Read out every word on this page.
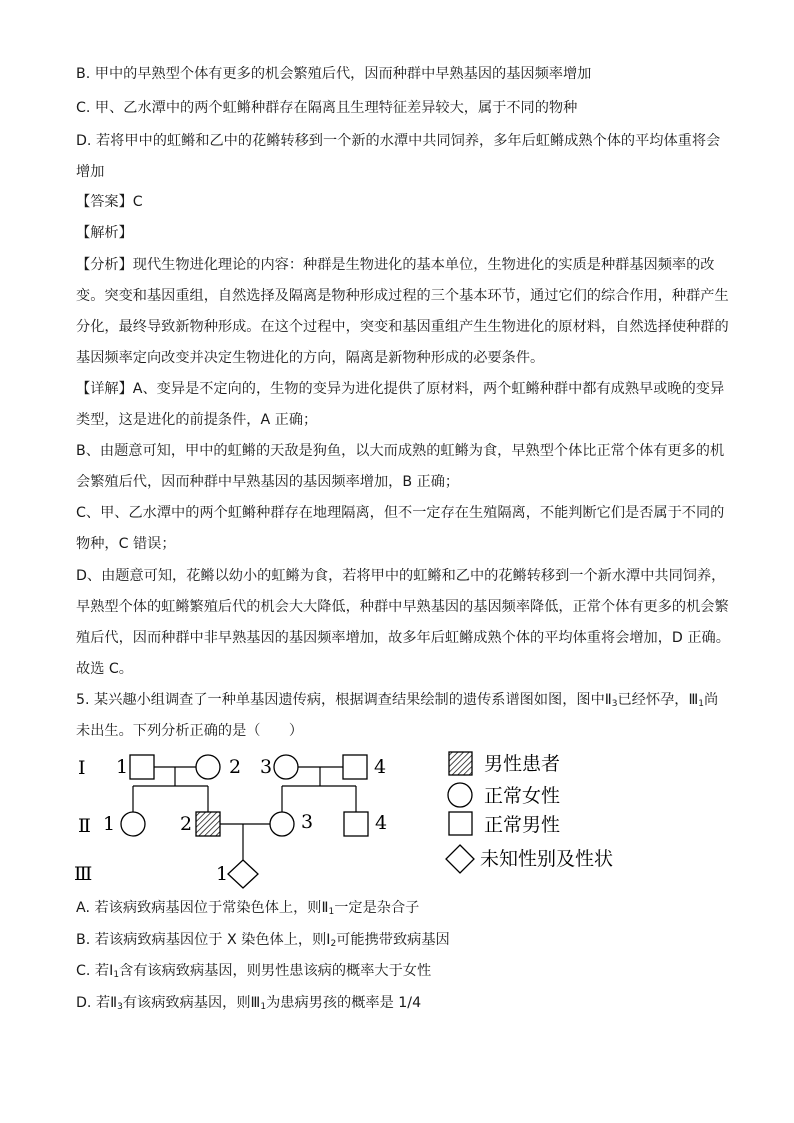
B. 甲中的早熟型个体有更多的机会繁殖后代，因而种群中早熟基因的基因频率增加
C. 甲、乙水潭中的两个虹鳉种群存在隔离且生理特征差异较大，属于不同的物种
D. 若将甲中的虹鳉和乙中的花鳉转移到一个新的水潭中共同饲养，多年后虹鳉成熟个体的平均体重将会
增加
【答案】C
【解析】
【分析】现代生物进化理论的内容：种群是生物进化的基本单位，生物进化的实质是种群基因频率的改
变。突变和基因重组，自然选择及隔离是物种形成过程的三个基本环节，通过它们的综合作用，种群产生
分化，最终导致新物种形成。在这个过程中，突变和基因重组产生生物进化的原材料，自然选择使种群的
基因频率定向改变并决定生物进化的方向，隔离是新物种形成的必要条件。
【详解】A、变异是不定向的，生物的变异为进化提供了原材料，两个虹鳉种群中都有成熟早或晚的变异
类型，这是进化的前提条件，A 正确；
B、由题意可知，甲中的虹鳉的天敌是狗鱼，以大而成熟的虹鳉为食，早熟型个体比正常个体有更多的机
会繁殖后代，因而种群中早熟基因的基因频率增加，B 正确；
C、甲、乙水潭中的两个虹鳉种群存在地理隔离，但不一定存在生殖隔离，不能判断它们是否属于不同的
物种，C 错误；
D、由题意可知，花鳉以幼小的虹鳉为食，若将甲中的虹鳉和乙中的花鳉转移到一个新水潭中共同饲养，
早熟型个体的虹鳉繁殖后代的机会大大降低，种群中早熟基因的基因频率降低，正常个体有更多的机会繁
殖后代，因而种群中非早熟基因的基因频率增加，故多年后虹鳉成熟个体的平均体重将会增加，D 正确。
故选 C。
5. 某兴趣小组调查了一种单基因遗传病，根据调查结果绘制的遗传系谱图如图，图中$Ⅱ_3$已经怀孕，$Ⅲ_1$尚
未出生。下列分析正确的是（　　）
Ⅰ
Ⅱ
Ⅲ
1	2 3	4
1	2	3	4
1
男性患者
正常女性
正常男性
未知性别及性状
A. 若该病致病基因位于常染色体上，则$Ⅱ_1$一定是杂合子
B. 若该病致病基因位于 X 染色体上，则$Ⅰ_2$可能携带致病基因
C. 若$Ⅰ_1$含有该病致病基因，则男性患该病的概率大于女性
D. 若$Ⅱ_3$有该病致病基因，则$Ⅲ_1$为患病男孩的概率是 1/4
